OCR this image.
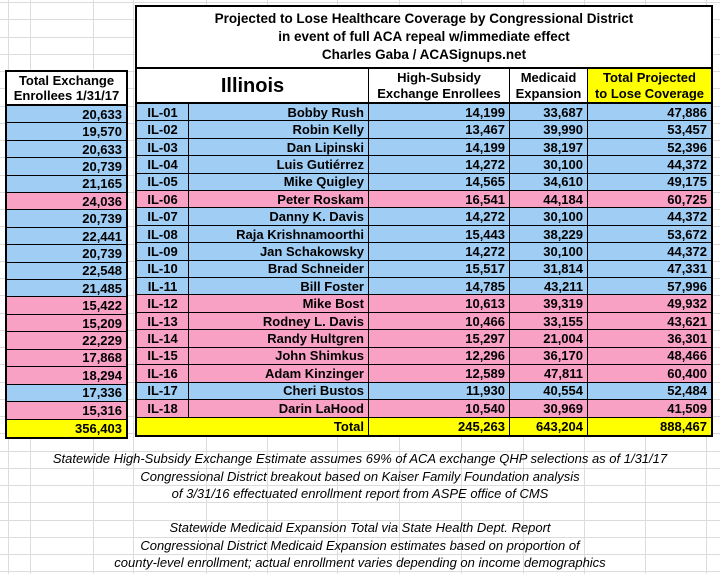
Total Exchange
Enrollees 1/31/17
20,633
19,570
20,633
20,739
21,165
24,036
20,739
22,441
20,739
22,548
21,485
15,422
15,209
22,229
17,868
18,294
17,336
15,316
356,403
Projected to Lose Healthcare Coverage by Congressional District
in event of full ACA repeal w/immediate effect
Charles Gaba / ACASignups.net
Illinois	High-Subsidy
Exchange Enrollees
Medicaid
Expansion
Total Projected
to Lose Coverage
IL-01	Bobby Rush	14,199	33,687	47,886
IL-02	Robin Kelly	13,467	39,990	53,457
IL-03	Dan Lipinski	14,199	38,197	52,396
IL-04	Luis Gutiérrez	14,272	30,100	44,372
IL-05	Mike Quigley	14,565	34,610	49,175
IL-06	Peter Roskam	16,541	44,184	60,725
IL-07	Danny K. Davis	14,272	30,100	44,372
IL-08	Raja Krishnamoorthi	15,443	38,229	53,672
IL-09	Jan Schakowsky	14,272	30,100	44,372
IL-10	Brad Schneider	15,517	31,814	47,331
IL-11	Bill Foster	14,785	43,211	57,996
IL-12	Mike Bost	10,613	39,319	49,932
IL-13	Rodney L. Davis	10,466	33,155	43,621
IL-14	Randy Hultgren	15,297	21,004	36,301
IL-15	John Shimkus	12,296	36,170	48,466
IL-16	Adam Kinzinger	12,589	47,811	60,400
IL-17	Cheri Bustos	11,930	40,554	52,484
IL-18	Darin LaHood	10,540	30,969	41,509
Total	245,263	643,204	888,467
Statewide High-Subsidy Exchange Estimate assumes 69% of ACA exchange QHP selections as of 1/31/17
Congressional District breakout based on Kaiser Family Foundation analysis
of 3/31/16 effectuated enrollment report from ASPE office of CMS
Statewide Medicaid Expansion Total via State Health Dept. Report
Congressional District Medicaid Expansion estimates based on proportion of
county-level enrollment; actual enrollment varies depending on income demographics
